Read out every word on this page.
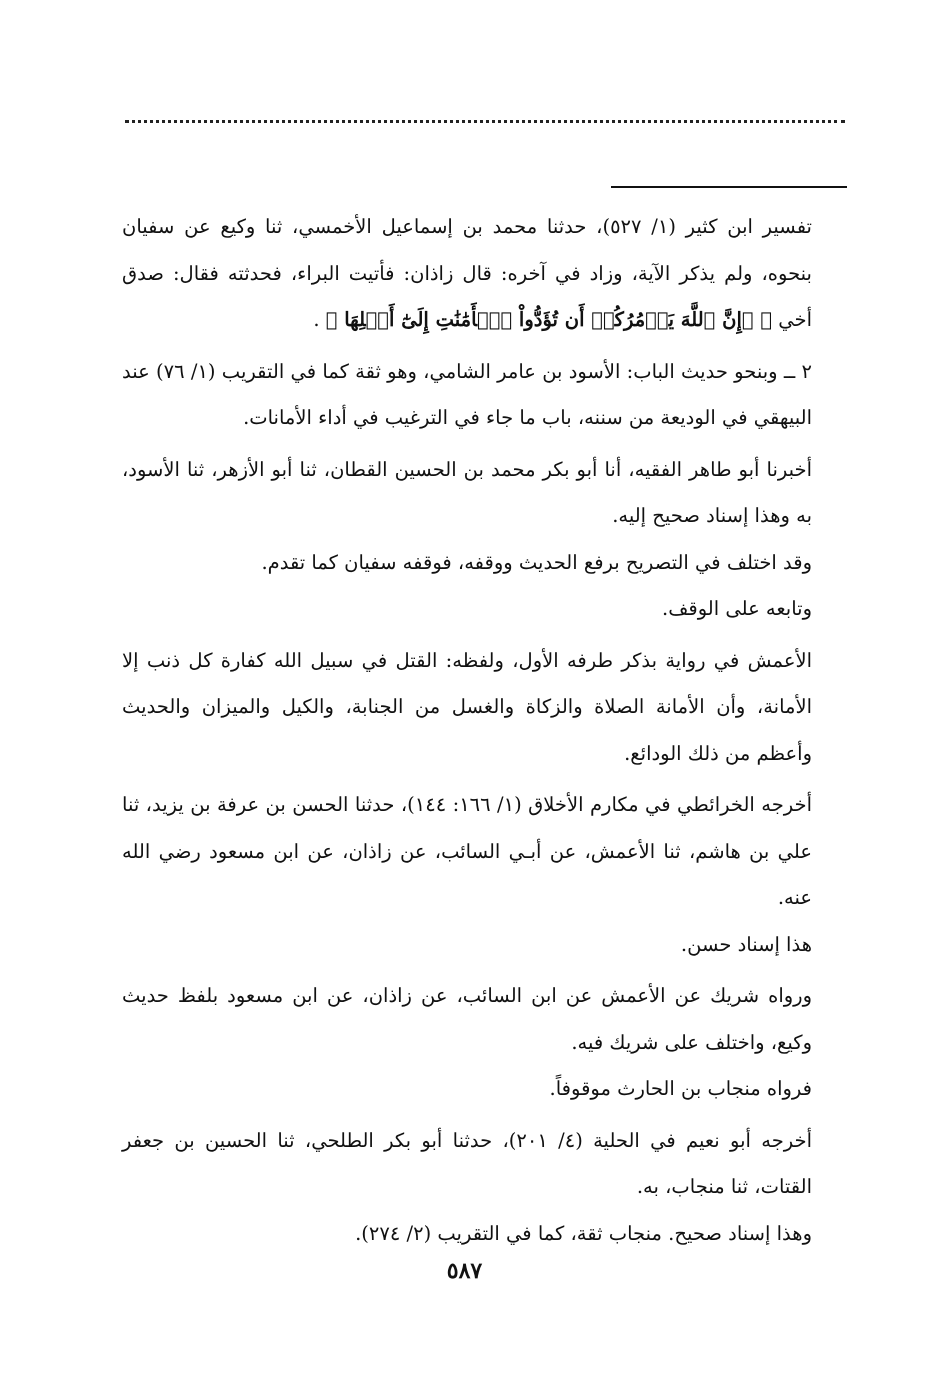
تفسير ابن كثير (١/ ٥٢٧)، حدثنا محمد بن إسماعيل الأخمسي، ثنا وكيع عن سفيان بنحوه، ولم يذكر الآية، وزاد في آخره: قال زاذان: فأتيت البراء، فحدثته فقال: صدق أخي ﴿ ۞إِنَّ ٱللَّهَ يَأۡمُرُكُمۡ أَن تُؤَدُّواْ ٱلۡأَمَٰنَٰتِ إِلَىٰٓ أَهۡلِهَا ﴾ .

٢ ــ وبنحو حديث الباب: الأسود بن عامر الشامي، وهو ثقة كما في التقريب (١/ ٧٦) عند البيهقي في الوديعة من سننه، باب ما جاء في الترغيب في أداء الأمانات.

أخبرنا أبو طاهر الفقيه، أنا أبو بكر محمد بن الحسين القطان، ثنا أبو الأزهر، ثنا الأسود، به وهذا إسناد صحيح إليه.

وقد اختلف في التصريح برفع الحديث ووقفه، فوقفه سفيان كما تقدم.

وتابعه على الوقف.

الأعمش في رواية بذكر طرفه الأول، ولفظه: القتل في سبيل الله كفارة كل ذنب إلا الأمانة، وأن الأمانة الصلاة والزكاة والغسل من الجنابة، والكيل والميزان والحديث وأعظم من ذلك الودائع.

أخرجه الخرائطي في مكارم الأخلاق (١/ ١٦٦: ١٤٤)، حدثنا الحسن بن عرفة بن يزيد، ثنا علي بن هاشم، ثنا الأعمش، عن أبـي السائب، عن زاذان، عن ابن مسعود رضي الله عنه.

هذا إسناد حسن.

ورواه شريك عن الأعمش عن ابن السائب، عن زاذان، عن ابن مسعود بلفظ حديث وكيع، واختلف على شريك فيه.

فرواه منجاب بن الحارث موقوفاً.

أخرجه أبو نعيم في الحلية (٤/ ٢٠١)، حدثنا أبو بكر الطلحي، ثنا الحسين بن جعفر القتات، ثنا منجاب، به.

وهذا إسناد صحيح. منجاب ثقة، كما في التقريب (٢/ ٢٧٤).

٥٨٧
